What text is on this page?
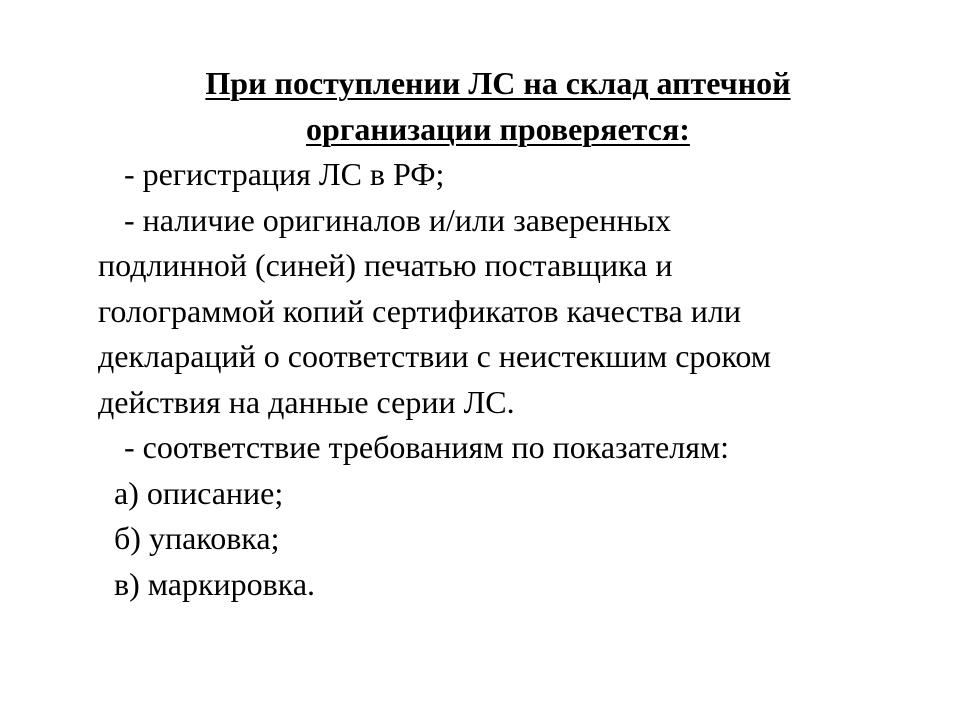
При поступлении ЛС на склад аптечной
организации проверяется:
- регистрация ЛС в РФ;
- наличие оригиналов и/или заверенных
подлинной (синей) печатью поставщика и
голограммой копий сертификатов качества или
деклараций о соответствии с неистекшим сроком
действия на данные серии ЛС.
- соответствие требованиям по показателям:
а) описание;
б) упаковка;
в) маркировка.
